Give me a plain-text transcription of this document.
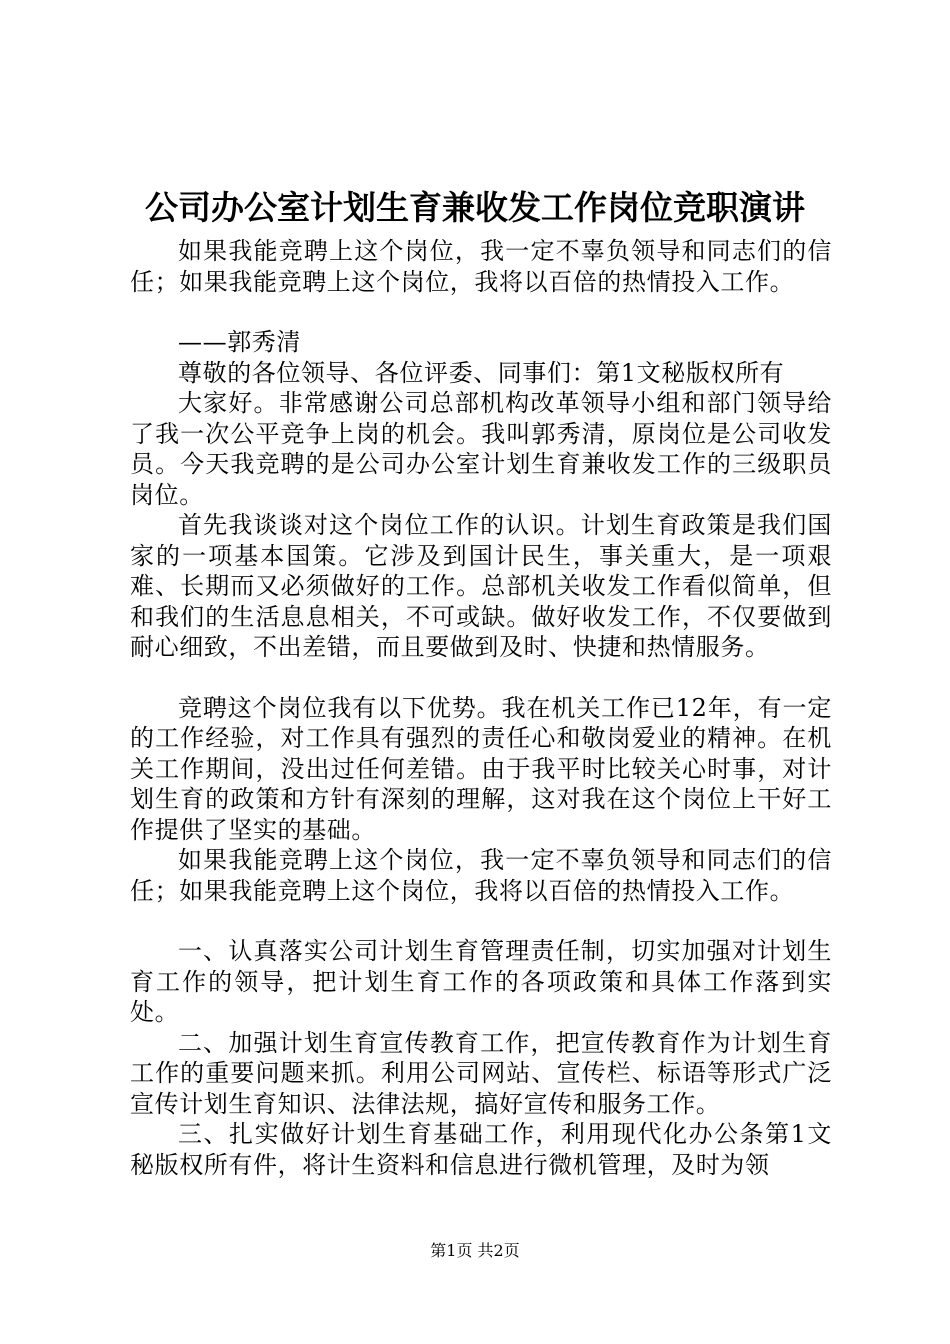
公司办公室计划生育兼收发工作岗位竞职演讲

如果我能竞聘上这个岗位，我一定不辜负领导和同志们的信任；如果我能竞聘上这个岗位，我将以百倍的热情投入工作。

——郭秀清

尊敬的各位领导、各位评委、同事们：第1文秘版权所有

大家好。非常感谢公司总部机构改革领导小组和部门领导给了我一次公平竞争上岗的机会。我叫郭秀清，原岗位是公司收发员。今天我竞聘的是公司办公室计划生育兼收发工作的三级职员岗位。

首先我谈谈对这个岗位工作的认识。计划生育政策是我们国家的一项基本国策。它涉及到国计民生，事关重大，是一项艰难、长期而又必须做好的工作。总部机关收发工作看似简单，但和我们的生活息息相关，不可或缺。做好收发工作，不仅要做到耐心细致，不出差错，而且要做到及时、快捷和热情服务。

竞聘这个岗位我有以下优势。我在机关工作已12年，有一定的工作经验，对工作具有强烈的责任心和敬岗爱业的精神。在机关工作期间，没出过任何差错。由于我平时比较关心时事，对计划生育的政策和方针有深刻的理解，这对我在这个岗位上干好工作提供了坚实的基础。

如果我能竞聘上这个岗位，我一定不辜负领导和同志们的信任；如果我能竞聘上这个岗位，我将以百倍的热情投入工作。

一、认真落实公司计划生育管理责任制，切实加强对计划生育工作的领导，把计划生育工作的各项政策和具体工作落到实处。

二、加强计划生育宣传教育工作，把宣传教育作为计划生育工作的重要问题来抓。利用公司网站、宣传栏、标语等形式广泛宣传计划生育知识、法律法规，搞好宣传和服务工作。

三、扎实做好计划生育基础工作，利用现代化办公条第1文秘版权所有件，将计生资料和信息进行微机管理，及时为领

第1页 共2页
